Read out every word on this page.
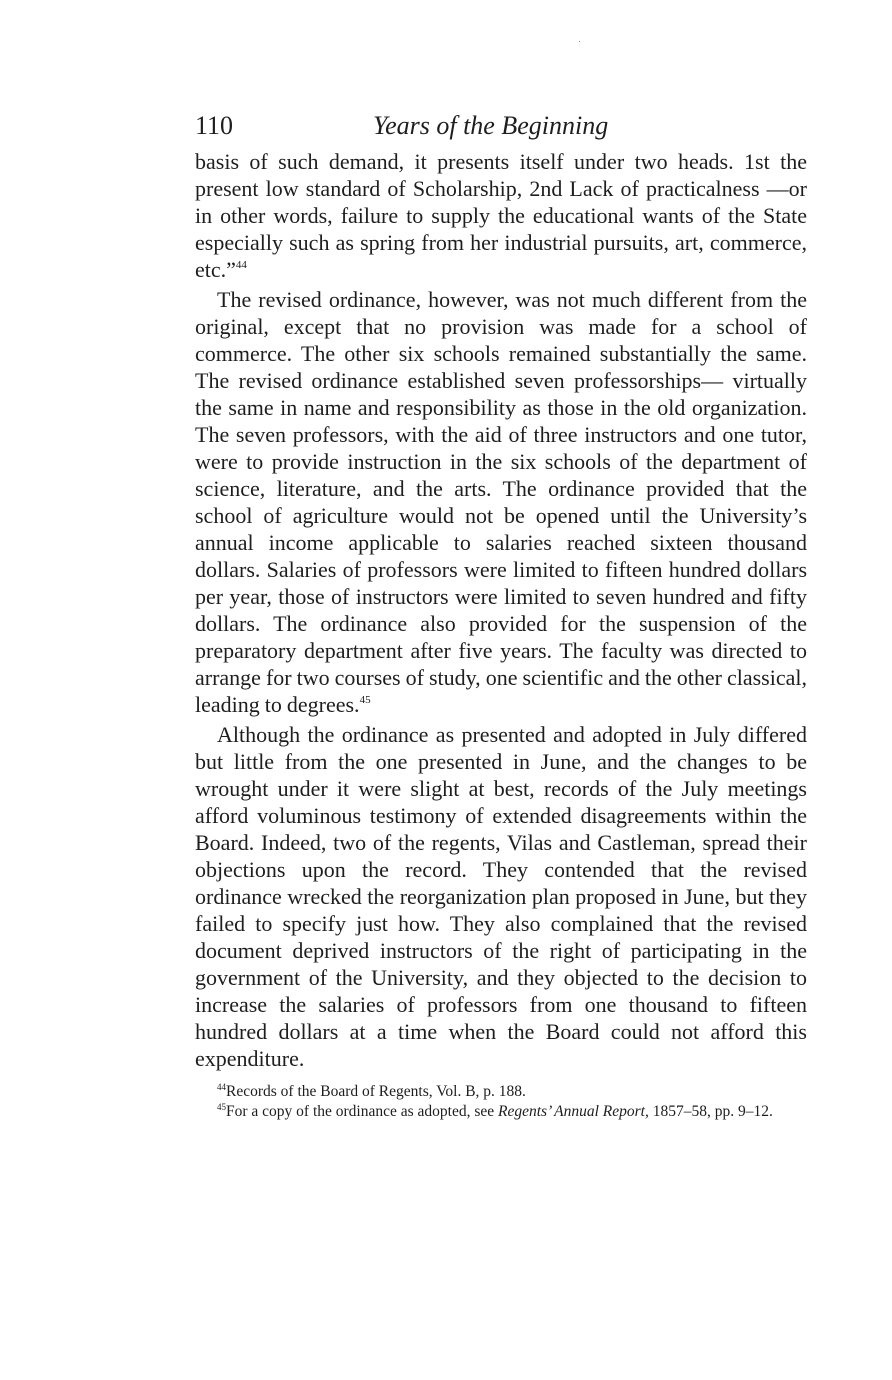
110	Years of the Beginning

basis of such demand, it presents itself under two heads. 1st the present low standard of Scholarship, 2nd Lack of practicalness —or in other words, failure to supply the educational wants of the State especially such as spring from her industrial pursuits, art, commerce, etc.”$^{44}$

The revised ordinance, however, was not much different from the original, except that no provision was made for a school of commerce. The other six schools remained substantially the same. The revised ordinance established seven professorships— virtually the same in name and responsibility as those in the old organization. The seven professors, with the aid of three instructors and one tutor, were to provide instruction in the six schools of the department of science, literature, and the arts. The ordinance provided that the school of agriculture would not be opened until the University’s annual income applicable to salaries reached sixteen thousand dollars. Salaries of professors were limited to fifteen hundred dollars per year, those of instructors were limited to seven hundred and fifty dollars. The ordinance also provided for the suspension of the preparatory department after five years. The faculty was directed to arrange for two courses of study, one scientific and the other classical, leading to degrees.$^{45}$

Although the ordinance as presented and adopted in July differed but little from the one presented in June, and the changes to be wrought under it were slight at best, records of the July meetings afford voluminous testimony of extended disagreements within the Board. Indeed, two of the regents, Vilas and Castleman, spread their objections upon the record. They contended that the revised ordinance wrecked the reorganization plan proposed in June, but they failed to specify just how. They also complained that the revised document deprived instructors of the right of participating in the government of the University, and they objected to the decision to increase the salaries of professors from one thousand to fifteen hundred dollars at a time when the Board could not afford this expenditure.

$^{44}$Records of the Board of Regents, Vol. B, p. 188.

$^{45}$For a copy of the ordinance as adopted, see Regents’ Annual Report, 1857–58, pp. 9–12.
